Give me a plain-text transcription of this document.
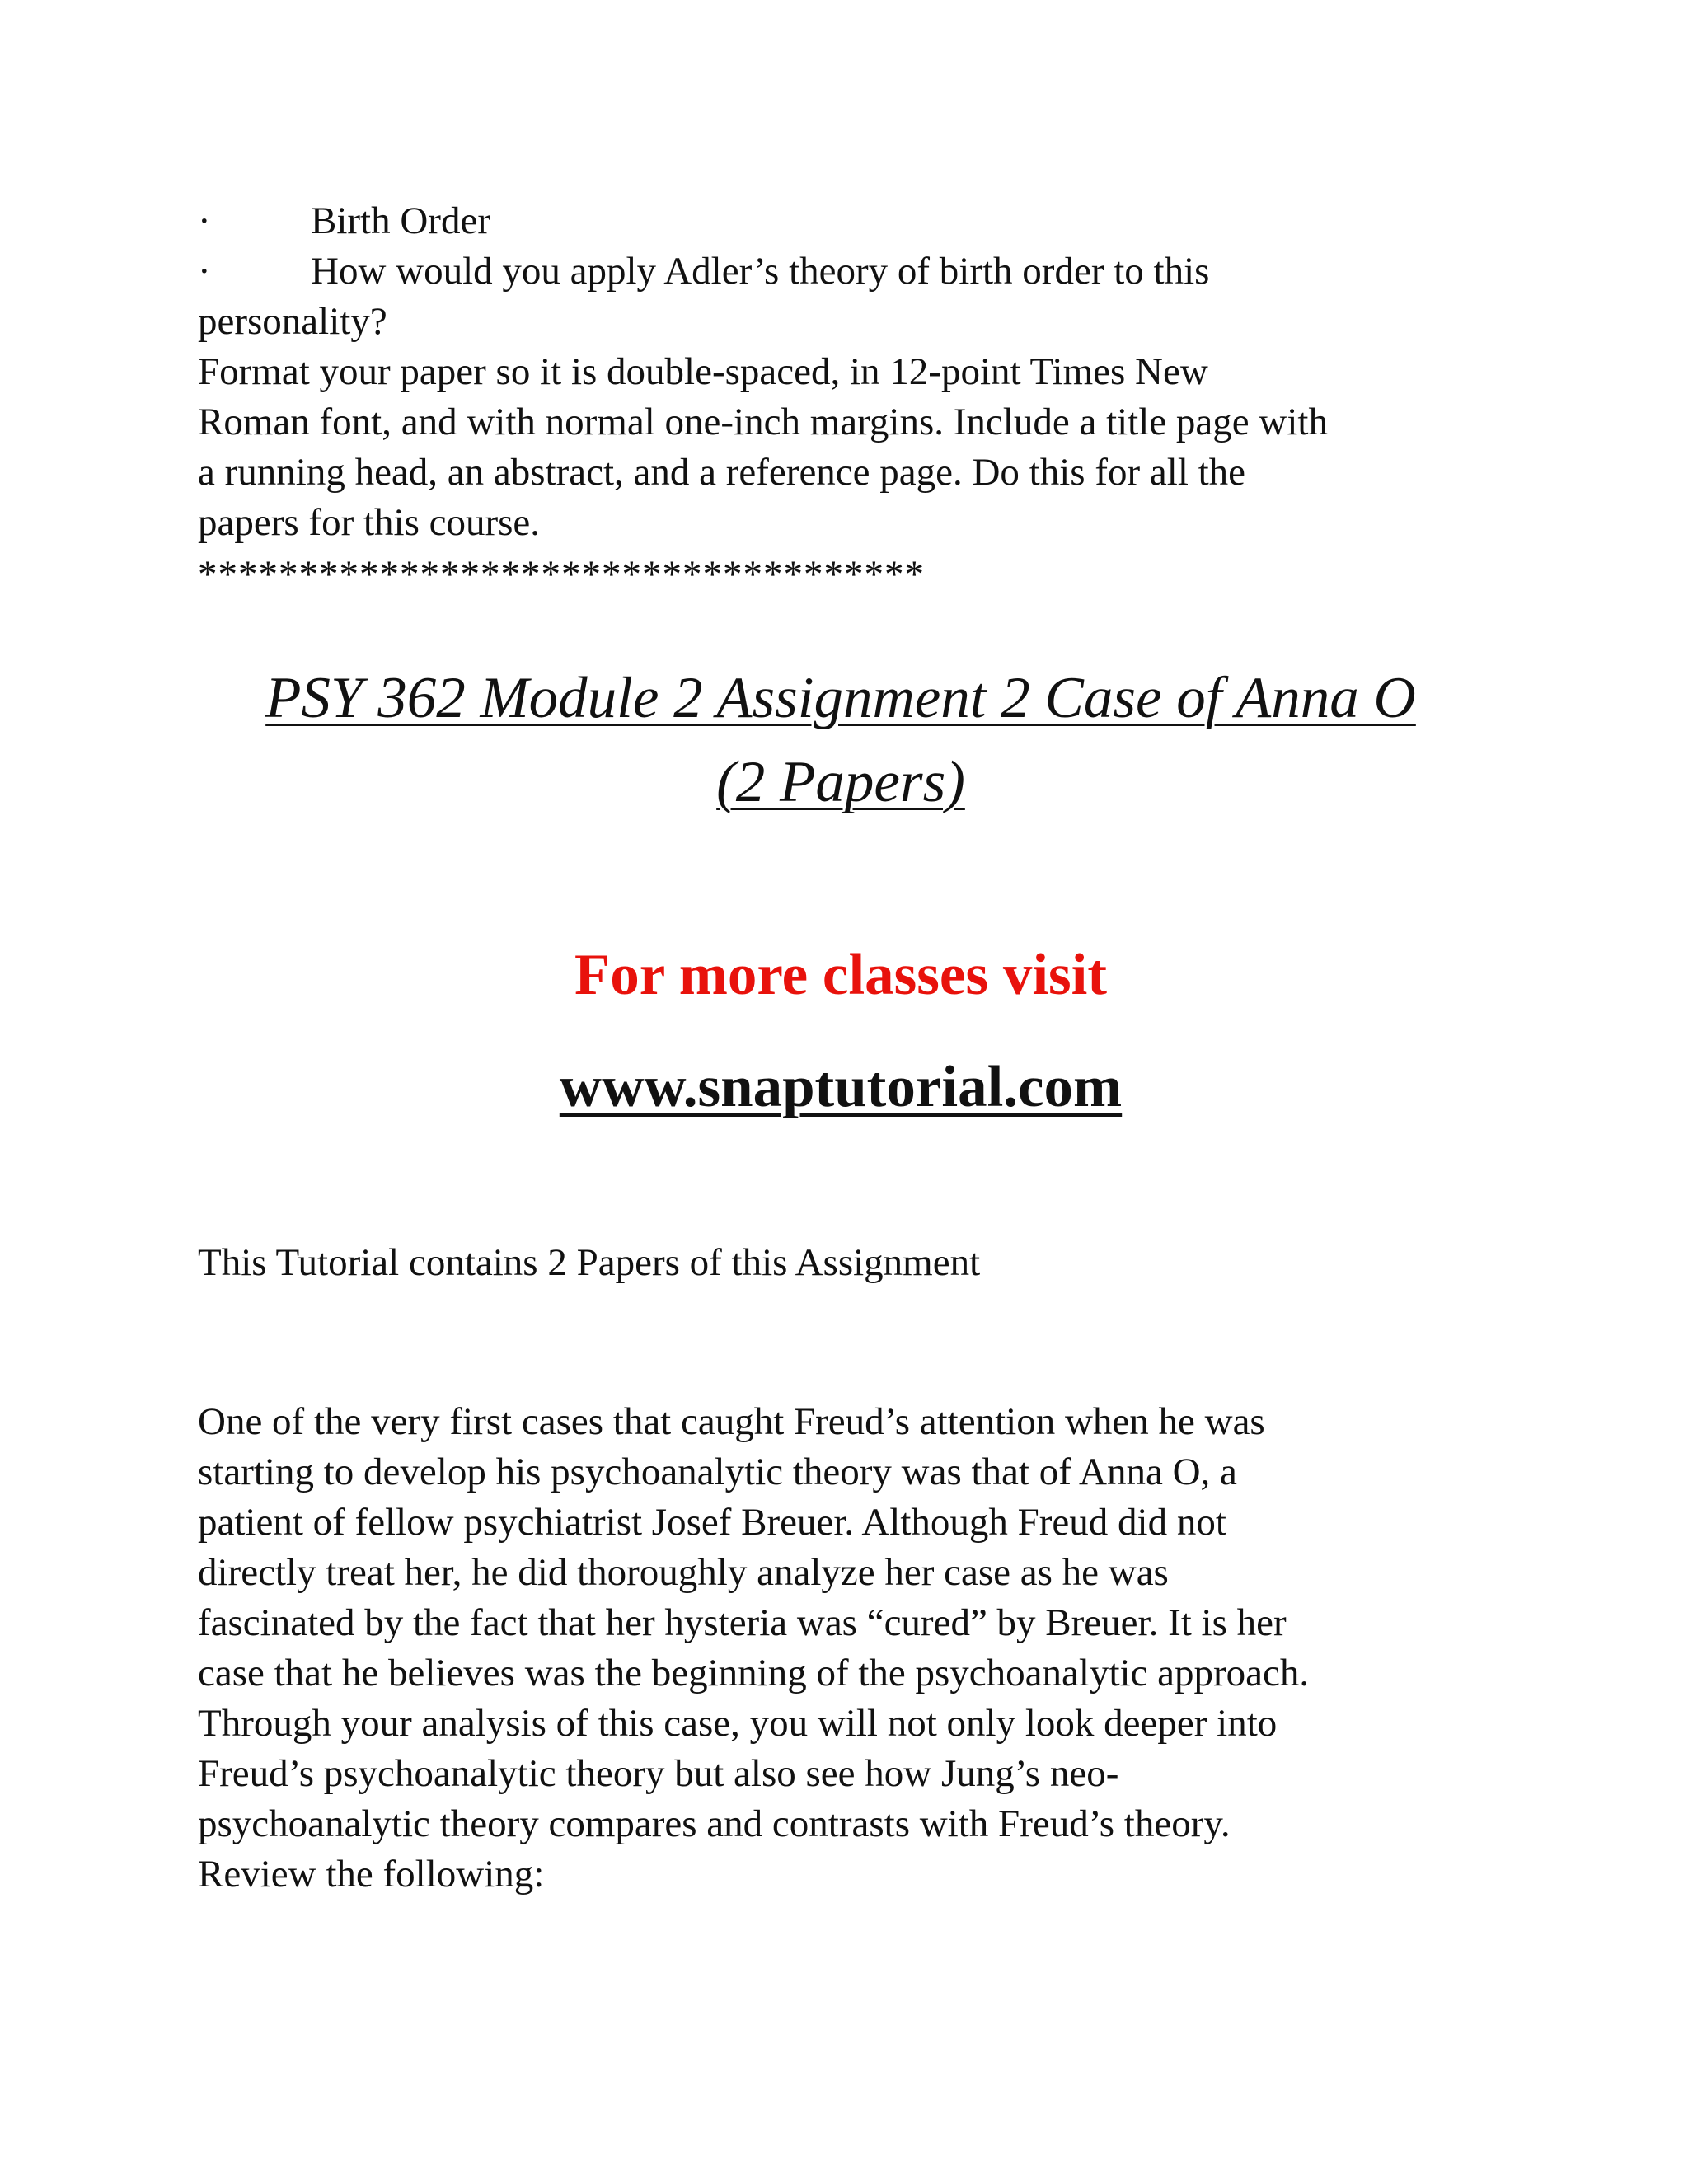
·	Birth Order
·	How would you apply Adler’s theory of birth order to this
personality?

Format your paper so it is double-spaced, in 12-point Times New
Roman font, and with normal one-inch margins. Include a title page with
a running head, an abstract, and a reference page. Do this for all the
papers for this course.

************************************
PSY 362 Module 2 Assignment 2 Case of Anna O
(2 Papers)
For more classes visit
www.snaptutorial.com
This Tutorial contains 2 Papers of this Assignment

One of the very first cases that caught Freud’s attention when he was
starting to develop his psychoanalytic theory was that of Anna O, a
patient of fellow psychiatrist Josef Breuer. Although Freud did not
directly treat her, he did thoroughly analyze her case as he was
fascinated by the fact that her hysteria was “cured” by Breuer. It is her
case that he believes was the beginning of the psychoanalytic approach.
Through your analysis of this case, you will not only look deeper into
Freud’s psychoanalytic theory but also see how Jung’s neo-
psychoanalytic theory compares and contrasts with Freud’s theory.
Review the following:
